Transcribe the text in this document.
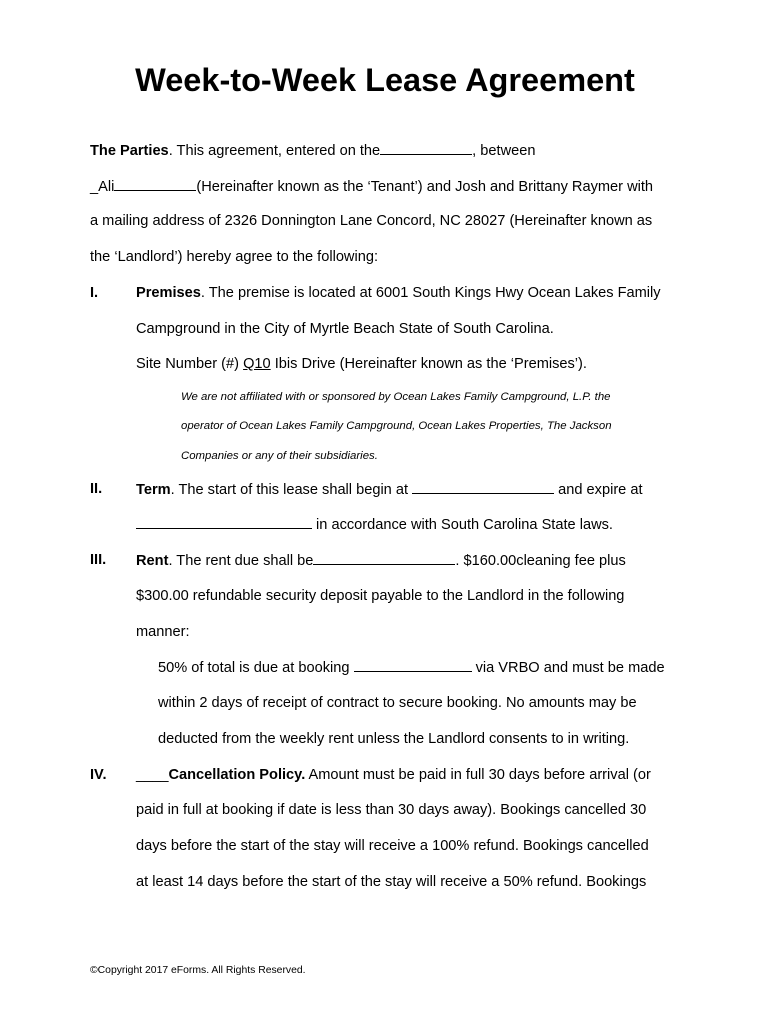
Week-to-Week Lease Agreement

The Parties. This agreement, entered on the	, between

_Ali	(Hereinafter known as the ‘Tenant’) and Josh and Brittany Raymer with

a mailing address of 2326 Donnington Lane Concord, NC 28027 (Hereinafter known as

the ‘Landlord’) hereby agree to the following:

I.	Premises. The premise is located at 6001 South Kings Hwy Ocean Lakes Family

Campground in the City of Myrtle Beach State of South Carolina.

Site Number (#) Q10 Ibis Drive (Hereinafter known as the ‘Premises’).

We are not affiliated with or sponsored by Ocean Lakes Family Campground, L.P. the

operator of Ocean Lakes Family Campground, Ocean Lakes Properties, The Jackson

Companies or any of their subsidiaries.

II. Term. The start of this lease shall begin at	and expire at

in accordance with South Carolina State laws.

III. Rent. The rent due shall be	. $160.00cleaning fee plus

$300.00 refundable security deposit payable to the Landlord in the following

manner:

50% of total is due at booking	via VRBO and must be made

within 2 days of receipt of contract to secure booking. No amounts may be

deducted from the weekly rent unless the Landlord consents to in writing.

IV. ____Cancellation Policy. Amount must be paid in full 30 days before arrival (or

paid in full at booking if date is less than 30 days away). Bookings cancelled 30

days before the start of the stay will receive a 100% refund. Bookings cancelled

at least 14 days before the start of the stay will receive a 50% refund. Bookings

©Copyright 2017 eForms. All Rights Reserved.
